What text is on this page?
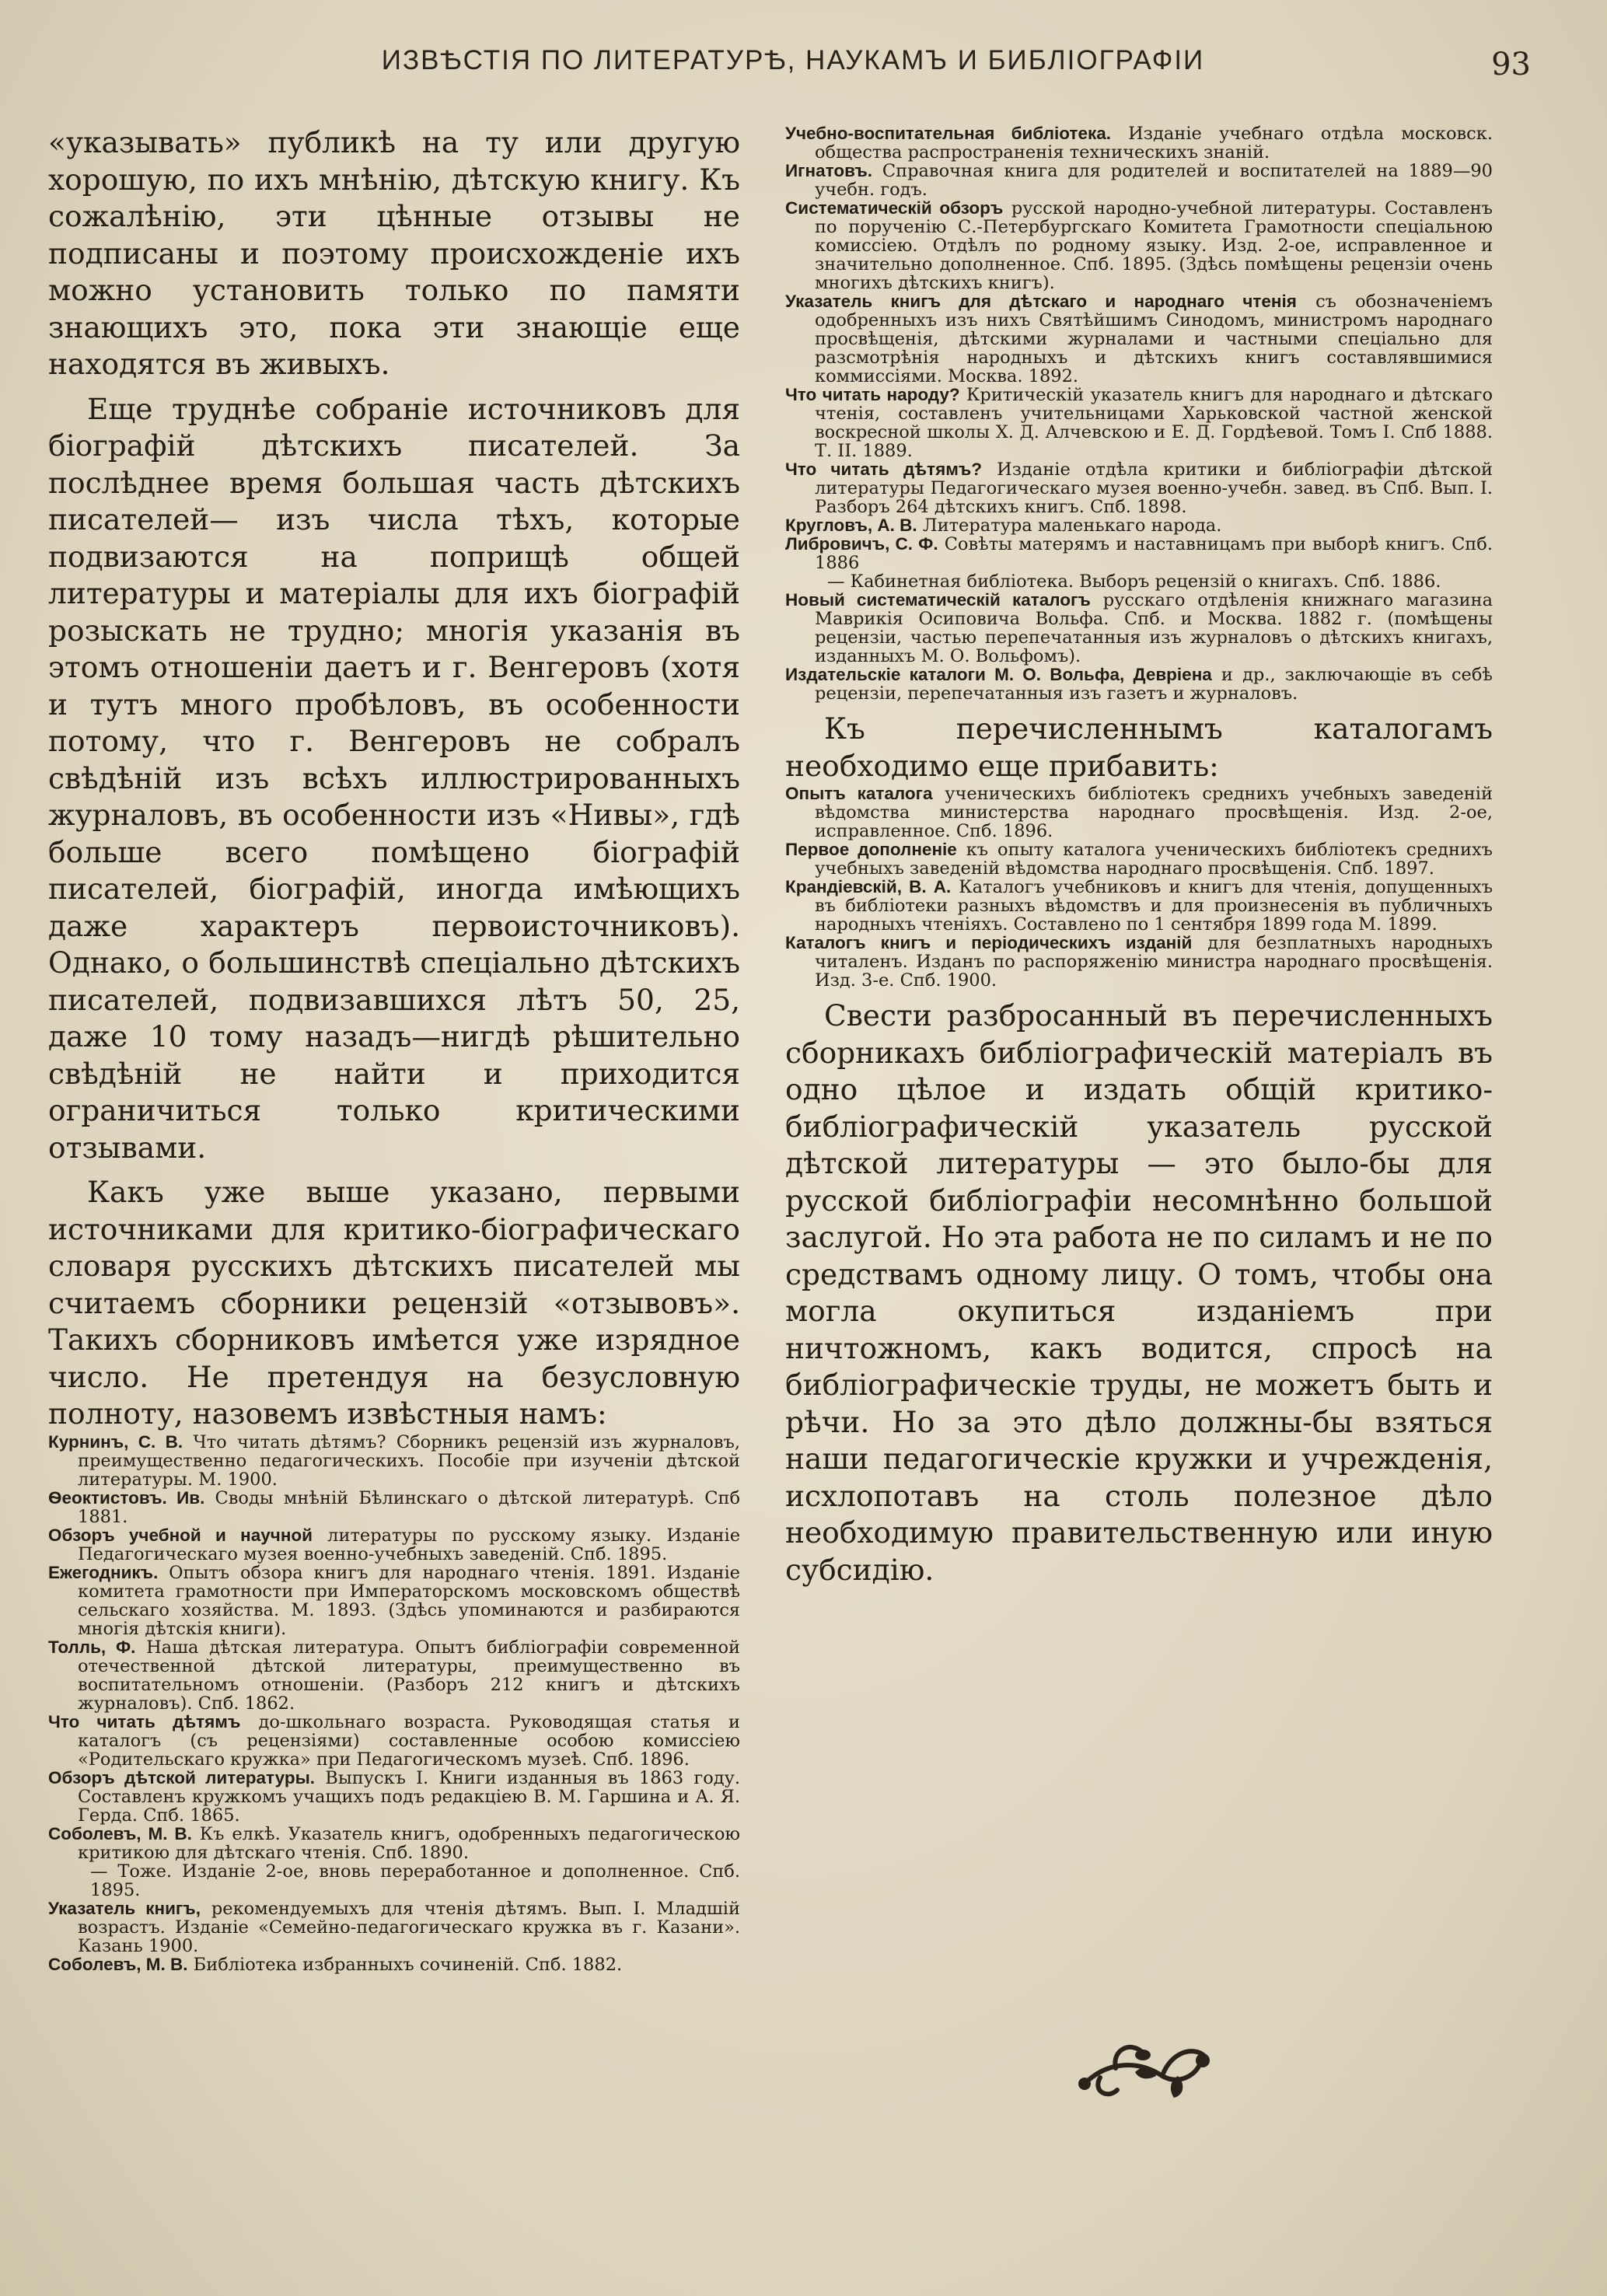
ИЗВѢСТІЯ ПО ЛИТЕРАТУРѢ, НАУКАМЪ И БИБЛІОГРАФІИ	93

«указывать» публикѣ на ту или другую хорошую, по ихъ мнѣнію, дѣтскую книгу. Къ сожалѣнію, эти цѣнные отзывы не подписаны и поэтому происхожденіе ихъ можно установить только по памяти знающихъ это, пока эти знающіе еще находятся въ живыхъ.

Еще труднѣе собраніе источниковъ для біографій дѣтскихъ писателей. За послѣднее время большая часть дѣтскихъ писателей— изъ числа тѣхъ, которые подвизаются на поприщѣ общей литературы и матеріалы для ихъ біографій розыскать не трудно; многія указанія въ этомъ отношеніи даетъ и г. Венгеровъ (хотя и тутъ много пробѣловъ, въ особенности потому, что г. Венгеровъ не собралъ свѣдѣній изъ всѣхъ иллюстрированныхъ журналовъ, въ особенности изъ «Нивы», гдѣ больше всего помѣщено біографій писателей, біографій, иногда имѣющихъ даже характеръ первоисточниковъ). Однако, о большинствѣ спеціально дѣтскихъ писателей, подвизавшихся лѣтъ 50, 25, даже 10 тому назадъ—нигдѣ рѣшительно свѣдѣній не найти и приходится ограничиться только критическими отзывами.

Какъ уже выше указано, первыми источниками для критико-біографическаго словаря русскихъ дѣтскихъ писателей мы считаемъ сборники рецензій «отзывовъ». Такихъ сборниковъ имѣется уже изрядное число. Не претендуя на безусловную полноту, назовемъ извѣстныя намъ:

Курнинъ, С. В. Что читать дѣтямъ? Сборникъ рецензій изъ журналовъ, преимущественно педагогическихъ. Пособіе при изученіи дѣтской литературы. М. 1900.

Ѳеоктистовъ. Ив. Своды мнѣній Бѣлинскаго о дѣтской литературѣ. Спб 1881.

Обзоръ учебной и научной литературы по русскому языку. Изданіе Педагогическаго музея военно-учебныхъ заведеній. Спб. 1895.

Ежегодникъ. Опытъ обзора книгъ для народнаго чтенія. 1891. Изданіе комитета грамотности при Императорскомъ московскомъ обществѣ сельскаго хозяйства. М. 1893. (Здѣсь упоминаются и разбираются многія дѣтскія книги).

Толль, Ф. Наша дѣтская литература. Опытъ библіографіи современной отечественной дѣтской литературы, преимущественно въ воспитательномъ отношеніи. (Разборъ 212 книгъ и дѣтскихъ журналовъ). Спб. 1862.

Что читать дѣтямъ до-школьнаго возраста. Руководящая статья и каталогъ (съ рецензіями) составленные особою комиссіею «Родительскаго кружка» при Педагогическомъ музеѣ. Спб. 1896.

Обзоръ дѣтской литературы. Выпускъ I. Книги изданныя въ 1863 году. Составленъ кружкомъ учащихъ подъ редакціею В. М. Гаршина и А. Я. Герда. Спб. 1865.

Соболевъ, М. В. Къ елкѣ. Указатель книгъ, одобренныхъ педагогическою критикою для дѣтскаго чтенія. Спб. 1890.

— Тоже. Изданіе 2-ое, вновь переработанное и дополненное. Спб. 1895.

Указатель книгъ, рекомендуемыхъ для чтенія дѣтямъ. Вып. I. Младшій возрастъ. Изданіе «Семейно-педагогическаго кружка въ г. Казани». Казань 1900.

Соболевъ, М. В. Библіотека избранныхъ сочиненій. Спб. 1882.

Учебно-воспитательная библіотека. Изданіе учебнаго отдѣла московск. общества распространенія техническихъ знаній.

Игнатовъ. Справочная книга для родителей и воспитателей на 1889—90 учебн. годъ.

Систематическій обзоръ русской народно-учебной литературы. Составленъ по порученію С.-Петербургскаго Комитета Грамотности спеціальною комиссіею. Отдѣлъ по родному языку. Изд. 2-ое, исправленное и значительно дополненное. Спб. 1895. (Здѣсь помѣщены рецензіи очень многихъ дѣтскихъ книгъ).

Указатель книгъ для дѣтскаго и народнаго чтенія съ обозначеніемъ одобренныхъ изъ нихъ Святѣйшимъ Синодомъ, министромъ народнаго просвѣщенія, дѣтскими журналами и частными спеціально для разсмотрѣнія народныхъ и дѣтскихъ книгъ составлявшимися коммиссіями. Москва. 1892.

Что читать народу? Критическій указатель книгъ для народнаго и дѣтскаго чтенія, составленъ учительницами Харьковской частной женской воскресной школы Х. Д. Алчевскою и Е. Д. Гордѣевой. Томъ I. Спб 1888. Т. II. 1889.

Что читать дѣтямъ? Изданіе отдѣла критики и библіографіи дѣтской литературы Педагогическаго музея военно-учебн. завед. въ Спб. Вып. I. Разборъ 264 дѣтскихъ книгъ. Спб. 1898.

Кругловъ, А. В. Литература маленькаго народа.

Либровичъ, С. Ф. Совѣты матерямъ и наставницамъ при выборѣ книгъ. Спб. 1886

— Кабинетная библіотека. Выборъ рецензій о книгахъ. Спб. 1886.

Новый систематическій каталогъ русскаго отдѣленія книжнаго магазина Маврикія Осиповича Вольфа. Спб. и Москва. 1882 г. (помѣщены рецензіи, частью перепечатанныя изъ журналовъ о дѣтскихъ книгахъ, изданныхъ М. О. Вольфомъ).

Издательскіе каталоги М. О. Вольфа, Девріена и др., заключающіе въ себѣ рецензіи, перепечатанныя изъ газетъ и журналовъ.

Къ перечисленнымъ каталогамъ необходимо еще прибавить:

Опытъ каталога ученическихъ библіотекъ среднихъ учебныхъ заведеній вѣдомства министерства народнаго просвѣщенія. Изд. 2-ое, исправленное. Спб. 1896.

Первое дополненіе къ опыту каталога ученическихъ библіотекъ среднихъ учебныхъ заведеній вѣдомства народнаго просвѣщенія. Спб. 1897.

Крандіевскій, В. А. Каталогъ учебниковъ и книгъ для чтенія, допущенныхъ въ библіотеки разныхъ вѣдомствъ и для произнесенія въ публичныхъ народныхъ чтеніяхъ. Составлено по 1 сентября 1899 года М. 1899.

Каталогъ книгъ и періодическихъ изданій для безплатныхъ народныхъ читаленъ. Изданъ по распоряженію министра народнаго просвѣщенія. Изд. 3-е. Спб. 1900.

Свести разбросанный въ перечисленныхъ сборникахъ библіографическій матеріалъ въ одно цѣлое и издать общій критико-библіографическій указатель русской дѣтской литературы — это было-бы для русской библіографіи несомнѣнно большой заслугой. Но эта работа не по силамъ и не по средствамъ одному лицу. О томъ, чтобы она могла окупиться изданіемъ при ничтожномъ, какъ водится, спросѣ на библіографическіе труды, не можетъ быть и рѣчи. Но за это дѣло должны-бы взяться наши педагогическіе кружки и учрежденія, исхлопотавъ на столь полезное дѣло необходимую правительственную или иную субсидію.
